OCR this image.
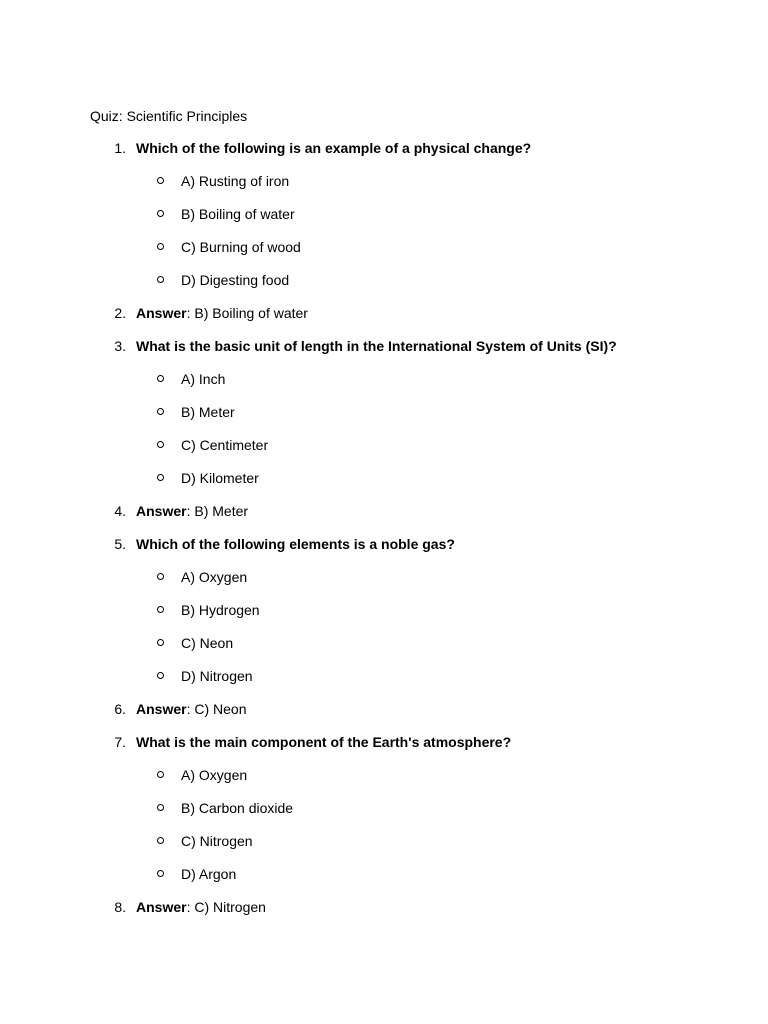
Quiz: Scientific Principles
1. Which of the following is an example of a physical change?
A) Rusting of iron
B) Boiling of water
C) Burning of wood
D) Digesting food
2. Answer: B) Boiling of water
3. What is the basic unit of length in the International System of Units (SI)?
A) Inch
B) Meter
C) Centimeter
D) Kilometer
4. Answer: B) Meter
5. Which of the following elements is a noble gas?
A) Oxygen
B) Hydrogen
C) Neon
D) Nitrogen
6. Answer: C) Neon
7. What is the main component of the Earth's atmosphere?
A) Oxygen
B) Carbon dioxide
C) Nitrogen
D) Argon
8. Answer: C) Nitrogen
